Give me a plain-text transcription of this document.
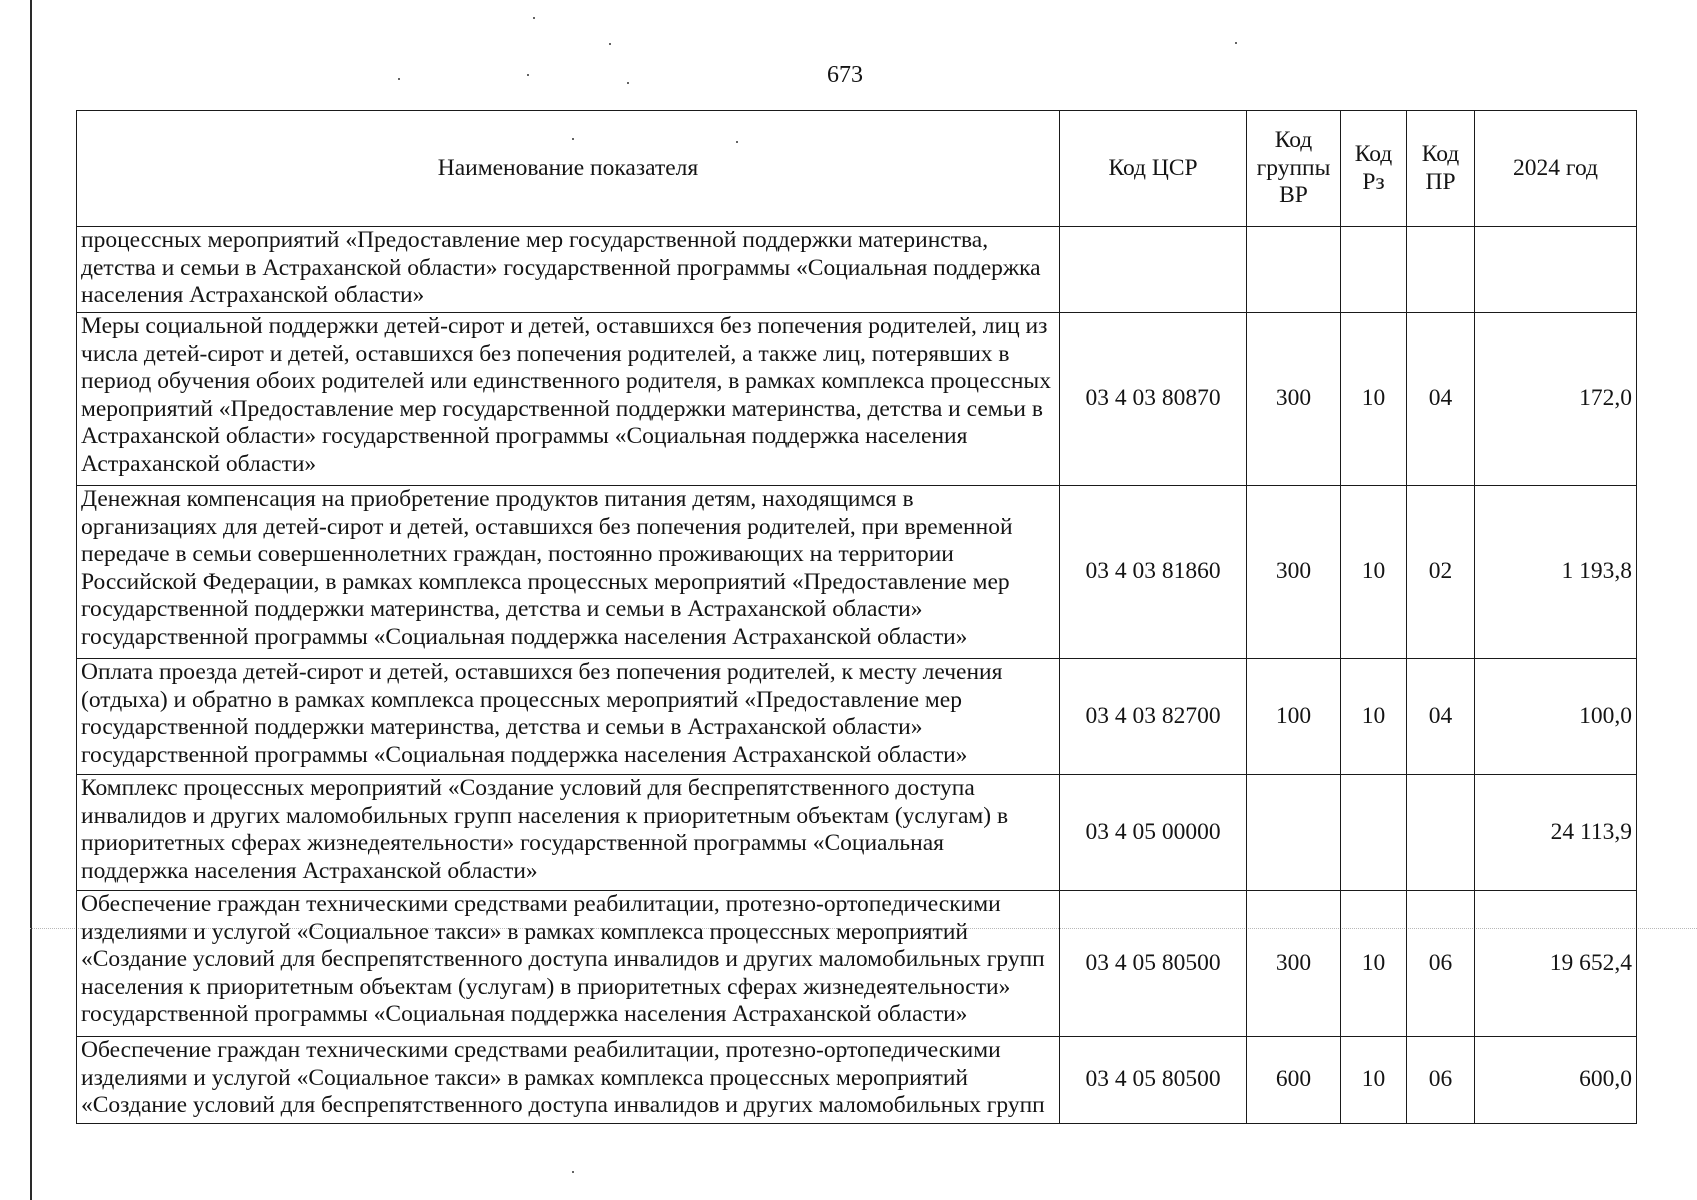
673
Наименование показателя	Код ЦСР	Код группы ВР	Код Рз	Код ПР	2024 год
процессных мероприятий «Предоставление мер государственной поддержки материнства, детства и семьи в Астраханской области» государственной программы «Социальная поддержка населения Астраханской области»					
Меры социальной поддержки детей-сирот и детей, оставшихся без попечения родителей, лиц из числа детей-сирот и детей, оставшихся без попечения родителей, а также лиц, потерявших в период обучения обоих родителей или единственного родителя, в рамках комплекса процессных мероприятий «Предоставление мер государственной поддержки материнства, детства и семьи в Астраханской области» государственной программы «Социальная поддержка населения Астраханской области»	03 4 03 80870	300	10	04	172,0
Денежная компенсация на приобретение продуктов питания детям, находящимся в организациях для детей-сирот и детей, оставшихся без попечения родителей, при временной передаче в семьи совершеннолетних граждан, постоянно проживающих на территории Российской Федерации, в рамках комплекса процессных мероприятий «Предоставление мер государственной поддержки материнства, детства и семьи в Астраханской области» государственной программы «Социальная поддержка населения Астраханской области»	03 4 03 81860	300	10	02	1 193,8
Оплата проезда детей-сирот и детей, оставшихся без попечения родителей, к месту лечения (отдыха) и обратно в рамках комплекса процессных мероприятий «Предоставление мер государственной поддержки материнства, детства и семьи в Астраханской области» государственной программы «Социальная поддержка населения Астраханской области»	03 4 03 82700	100	10	04	100,0
Комплекс процессных мероприятий «Создание условий для беспрепятственного доступа инвалидов и других маломобильных групп населения к приоритетным объектам (услугам) в приоритетных сферах жизнедеятельности» государственной программы «Социальная поддержка населения Астраханской области»	03 4 05 00000				24 113,9
Обеспечение граждан техническими средствами реабилитации, протезно-ортопедическими изделиями и услугой «Социальное такси» в рамках комплекса процессных мероприятий «Создание условий для беспрепятственного доступа инвалидов и других маломобильных групп населения к приоритетным объектам (услугам) в приоритетных сферах жизнедеятельности» государственной программы «Социальная поддержка населения Астраханской области»	03 4 05 80500	300	10	06	19 652,4
Обеспечение граждан техническими средствами реабилитации, протезно-ортопедическими изделиями и услугой «Социальное такси» в рамках комплекса процессных мероприятий «Создание условий для беспрепятственного доступа инвалидов и других маломобильных групп	03 4 05 80500	600	10	06	600,0
